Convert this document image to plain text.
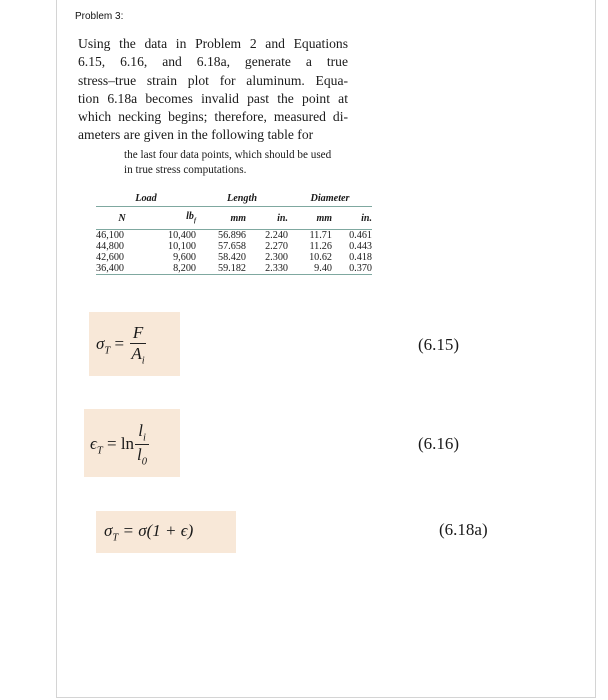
Problem 3:
Using the data in Problem 2 and Equations
6.15, 6.16, and 6.18a, generate a true
stress–true strain plot for aluminum. Equa-
tion 6.18a becomes invalid past the point at
which necking begins; therefore, measured di-
ameters are given in the following table for
the last four data points, which should be used
in true stress computations.
Load		Length		Diameter	
N	$lb_f$	mm	in.	mm	in.
46,100	10,400	56.896	2.240	11.71	0.461
44,800	10,100	57.658	2.270	11.26	0.443
42,600	9,600	58.420	2.300	10.62	0.418
36,400	8,200	59.182	2.330	9.40	0.370
$\sigma_T = \frac{F}{A_i}$	(6.15)
$\epsilon_T = \ln \frac{l_i}{l_0}$	(6.16)
$\sigma_T = \sigma(1 + \epsilon)$	(6.18a)
